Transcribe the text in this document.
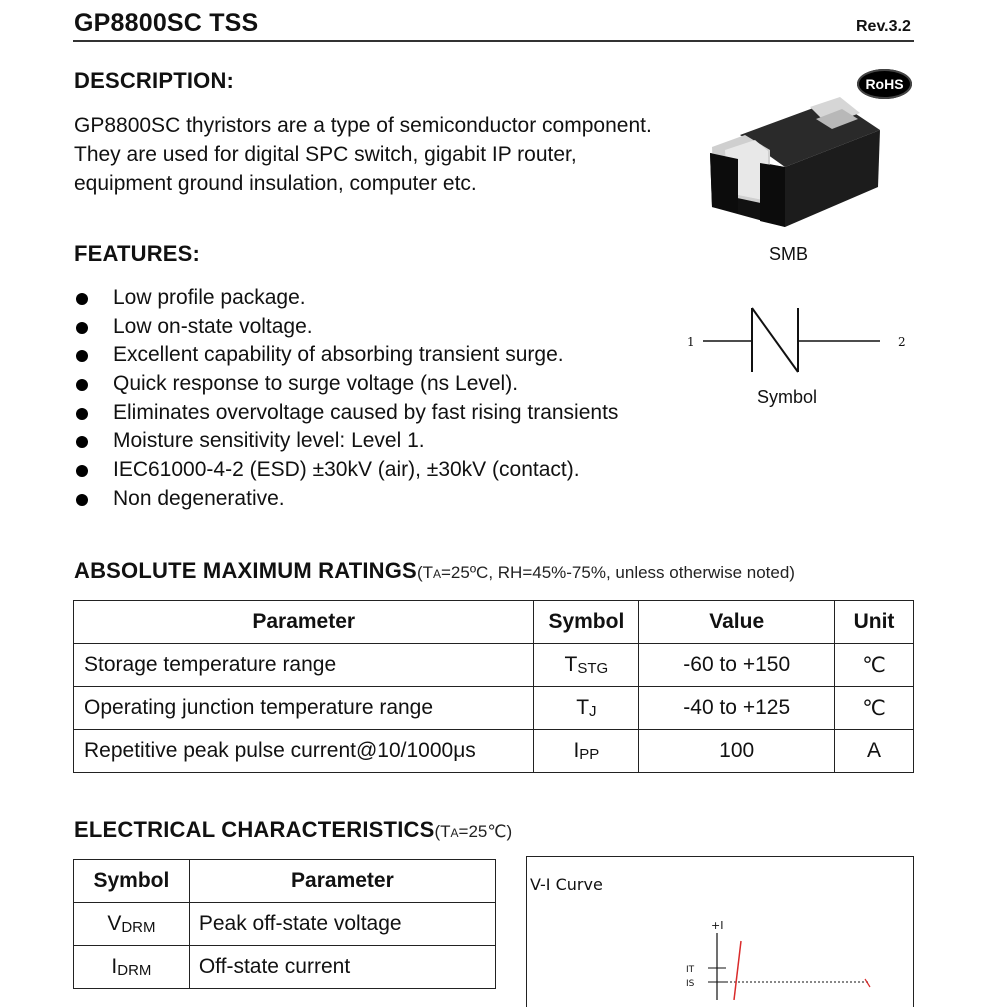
GP8800SC TSS	Rev.3.2
DESCRIPTION:
GP8800SC thyristors are a type of semiconductor component.
They are used for digital SPC switch, gigabit IP router,
equipment ground insulation, computer etc.
RoHS
SMB
1	2
Symbol
FEATURES:
Low profile package.
Low on-state voltage.
Excellent capability of absorbing transient surge.
Quick response to surge voltage (ns Level).
Eliminates overvoltage caused by fast rising transients
Moisture sensitivity level: Level 1.
IEC61000-4-2 (ESD) ±30kV (air), ±30kV (contact).
Non degenerative.
ABSOLUTE MAXIMUM RATINGS(TA=25ºC, RH=45%-75%, unless otherwise noted)
Parameter	Symbol	Value	Unit
Storage temperature range	TSTG	-60 to +150	℃
Operating junction temperature range	TJ	-40 to +125	℃
Repetitive peak pulse current@10/1000μs	IPP	100	A
ELECTRICAL CHARACTERISTICS(TA=25℃)
Symbol	Parameter
VDRM	Peak off-state voltage
IDRM	Off-state current
V-I Curve
+I
IT
IS
